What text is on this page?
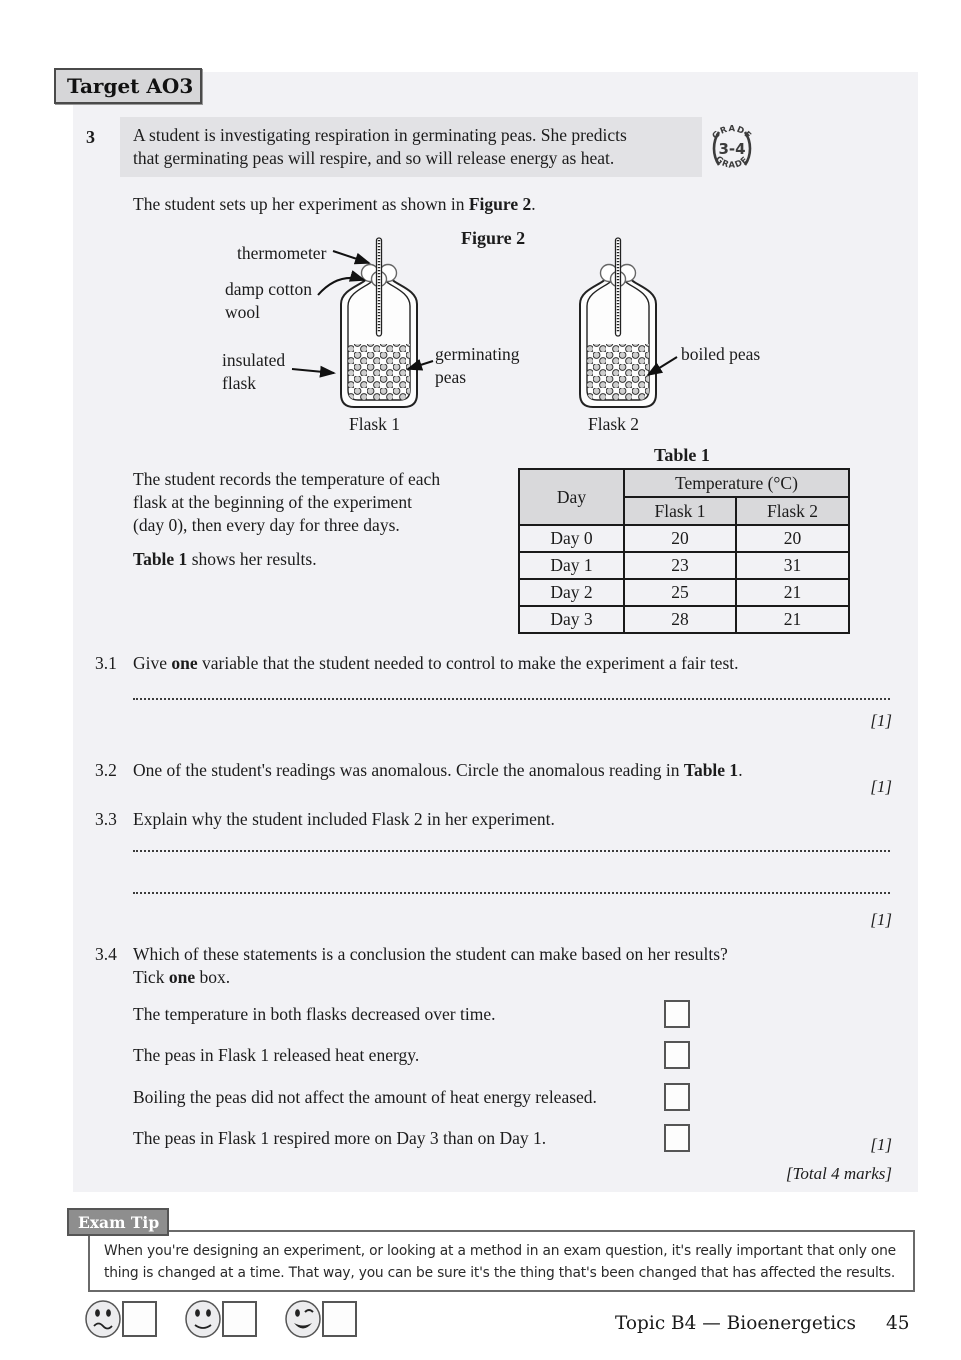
Target AO3
3 A student is investigating respiration in germinating peas. She predicts
that germinating peas will respire, and so will release energy as heat.
GRADE
GRADE
3-4
The student sets up her experiment as shown in Figure 2.
Figure 2
thermometer
damp cotton
wool
insulated
flask
germinating
peas
boiled peas
Flask 1	Flask 2
The student records the temperature of each
flask at the beginning of the experiment
(day 0), then every day for three days.
Table 1 shows her results.
Table 1
Day	Temperature (°C)	
	Flask 1	Flask 2
Day 0	20	20
Day 1	23	31
Day 2	25	21
Day 3	28	21
3.1 Give one variable that the student needed to control to make the experiment a fair test.
[1]
3.2 One of the student's readings was anomalous. Circle the anomalous reading in Table 1.
[1]
3.3 Explain why the student included Flask 2 in her experiment.
[1]
3.4 Which of these statements is a conclusion the student can make based on her results?
Tick one box.
The temperature in both flasks decreased over time.
The peas in Flask 1 released heat energy.
Boiling the peas did not affect the amount of heat energy released.
The peas in Flask 1 respired more on Day 3 than on Day 1.	[1]
[Total 4 marks]
When you're designing an experiment, or looking at a method in an exam question, it's really important that only one thing is changed at a time. That way, you can be sure it's the thing that's been changed that has affected the results.
Exam Tip
Topic B4 — Bioenergetics 45
